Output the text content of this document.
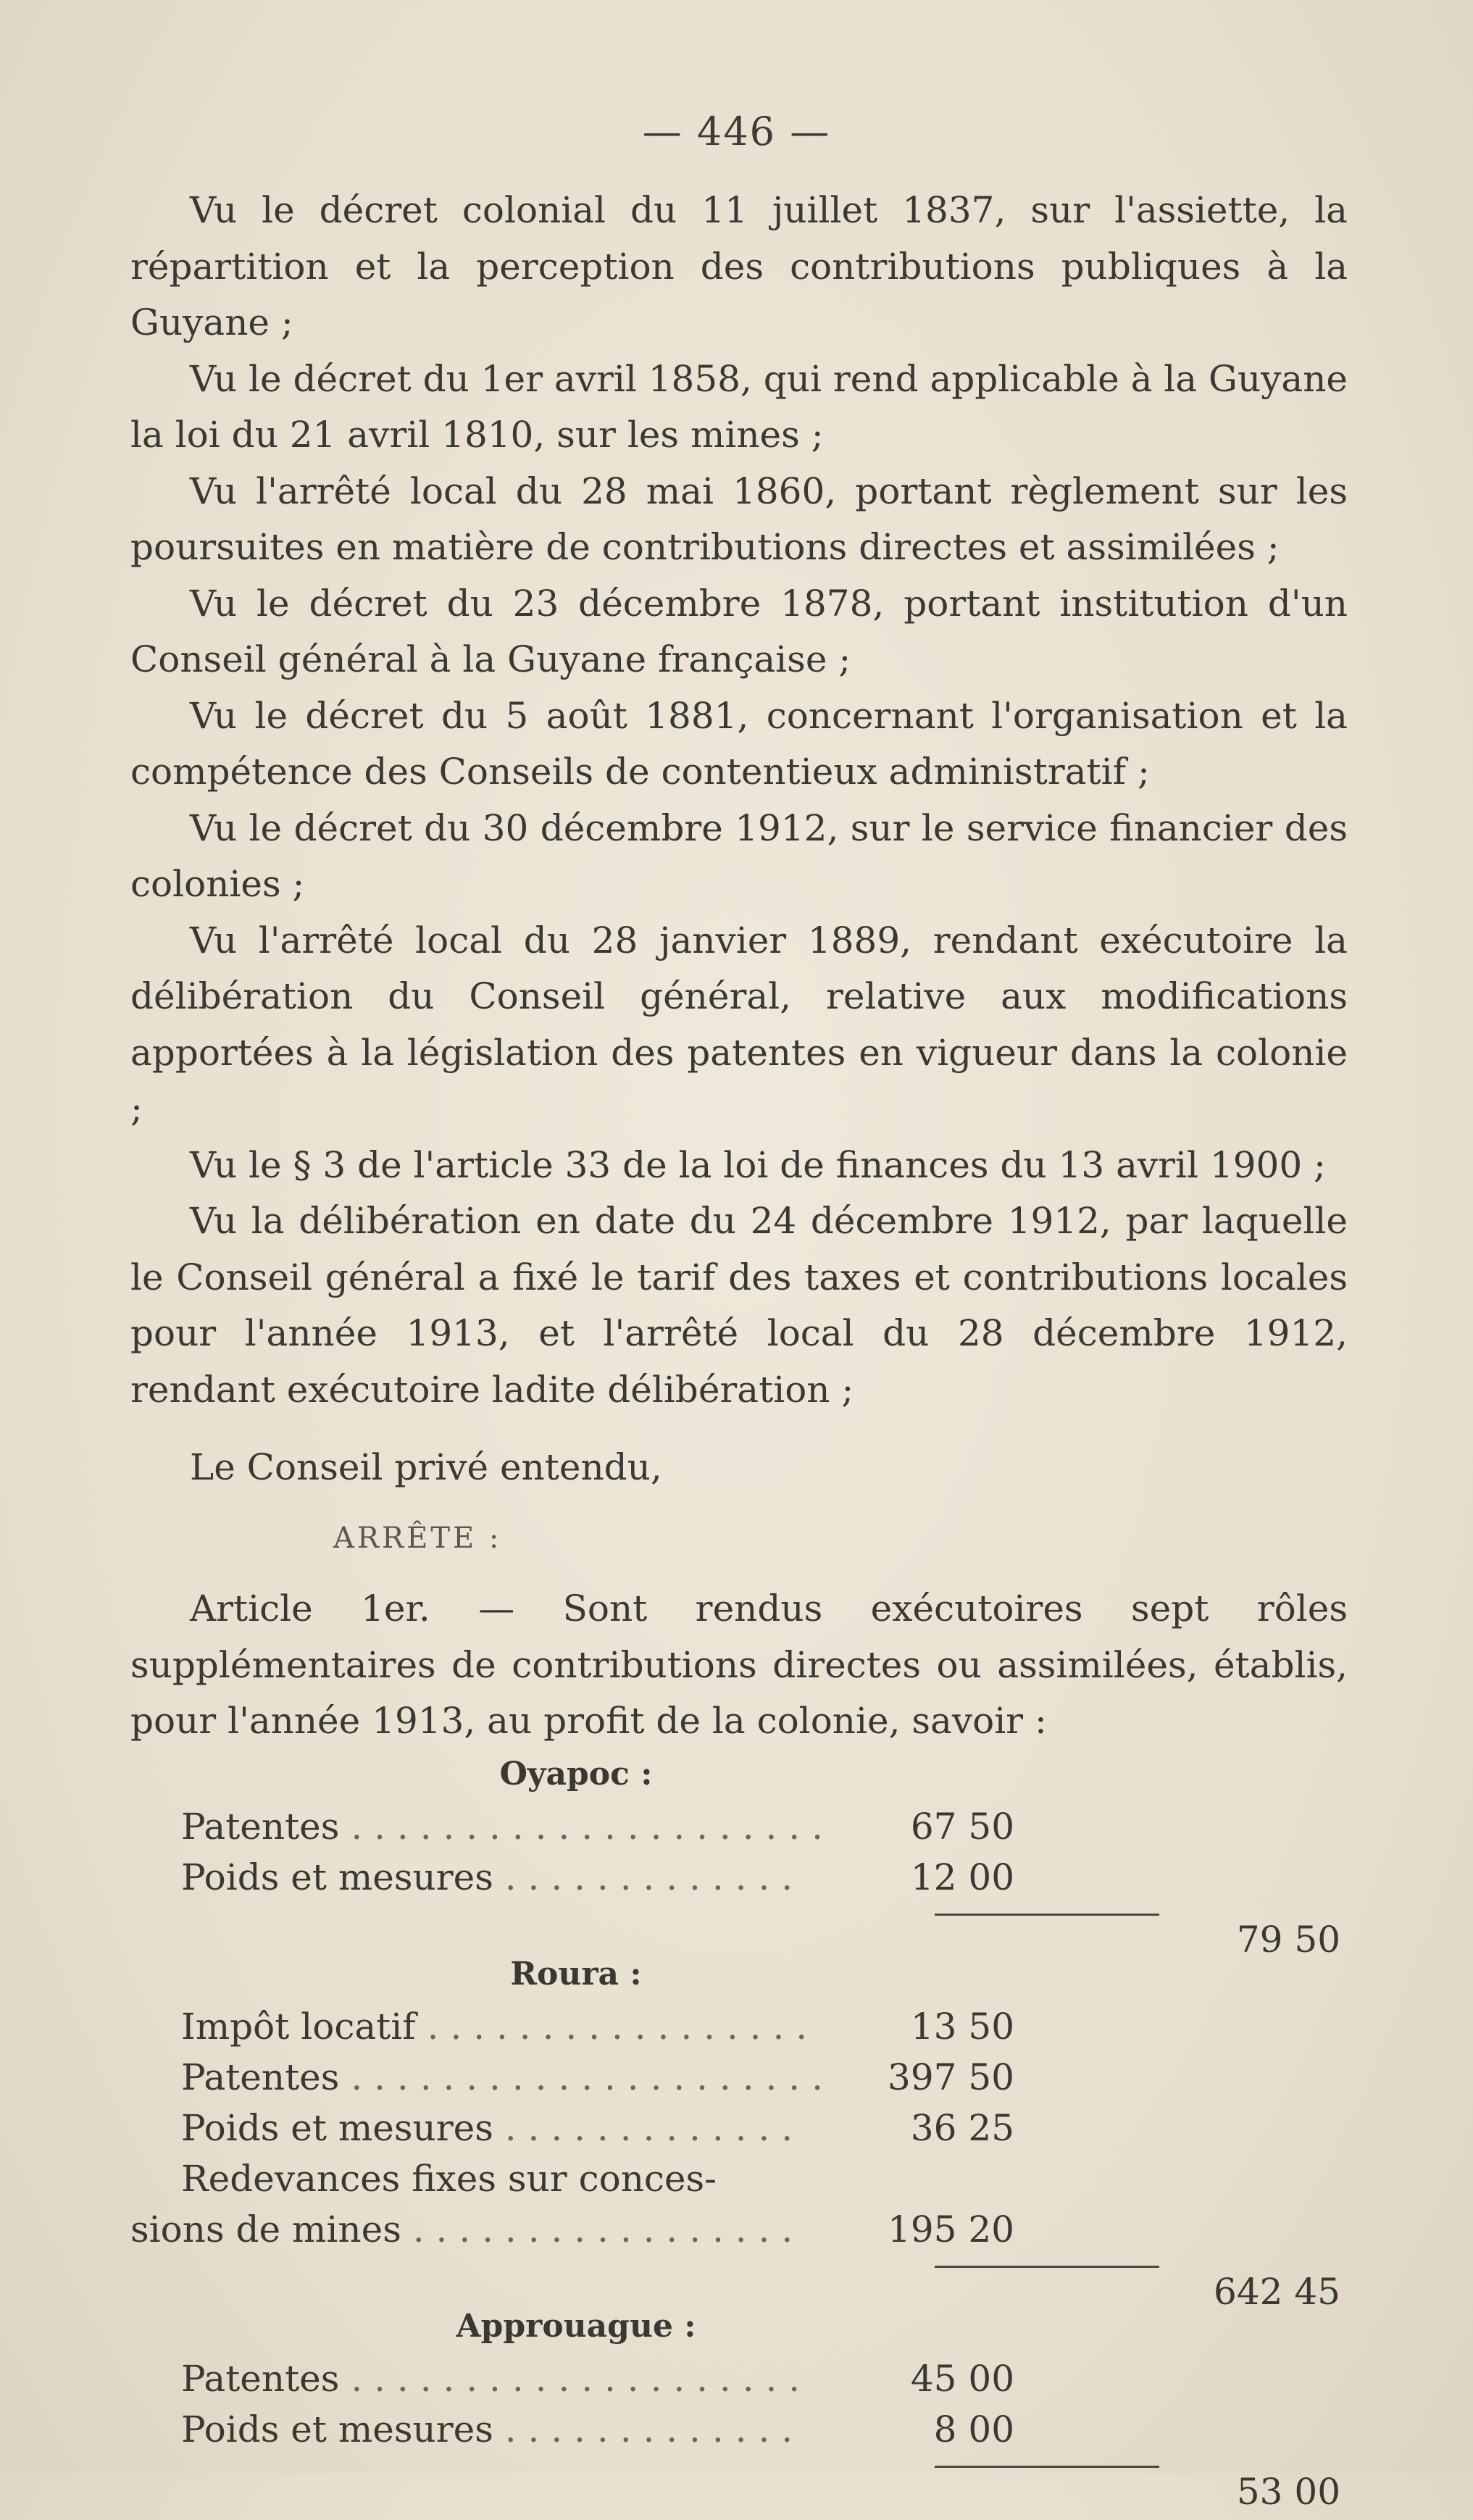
— 446 —

Vu le décret colonial du 11 juillet 1837, sur l'assiette, la répartition et la perception des contributions publiques à la Guyane ;

Vu le décret du 1er avril 1858, qui rend applicable à la Guyane la loi du 21 avril 1810, sur les mines ;

Vu l'arrêté local du 28 mai 1860, portant règlement sur les poursuites en matière de contributions directes et assimilées ;

Vu le décret du 23 décembre 1878, portant institution d'un Conseil général à la Guyane française ;

Vu le décret du 5 août 1881, concernant l'organisation et la compétence des Conseils de contentieux administratif ;

Vu le décret du 30 décembre 1912, sur le service financier des colonies ;

Vu l'arrêté local du 28 janvier 1889, rendant exécutoire la délibération du Conseil général, relative aux modifications apportées à la législation des patentes en vigueur dans la colonie ;

Vu le § 3 de l'article 33 de la loi de finances du 13 avril 1900 ;

Vu la délibération en date du 24 décembre 1912, par laquelle le Conseil général a fixé le tarif des taxes et contributions locales pour l'année 1913, et l'arrêté local du 28 décembre 1912, rendant exécutoire ladite délibération ;

Le Conseil privé entendu,

ARRÊTE :

Article 1er. — Sont rendus exécutoires sept rôles supplémentaires de contributions directes ou assimilées, établis, pour l'année 1913, au profit de la colonie, savoir :

Oyapoc :

Patentes . . . . . . . . . . . . . . . . . . . . .	67 50
Poids et mesures . . . . . . . . . . . . .	12 00
79 50

Roura :

Impôt locatif . . . . . . . . . . . . . . . . .	13 50
Patentes . . . . . . . . . . . . . . . . . . . . .	397 50
Poids et mesures . . . . . . . . . . . . .	36 25
Redevances fixes sur conces-
sions de mines . . . . . . . . . . . . . . . . .	195 20
642 45

Approuague :

Patentes . . . . . . . . . . . . . . . . . . . .	45 00
Poids et mesures . . . . . . . . . . . . .	8 00
53 00
